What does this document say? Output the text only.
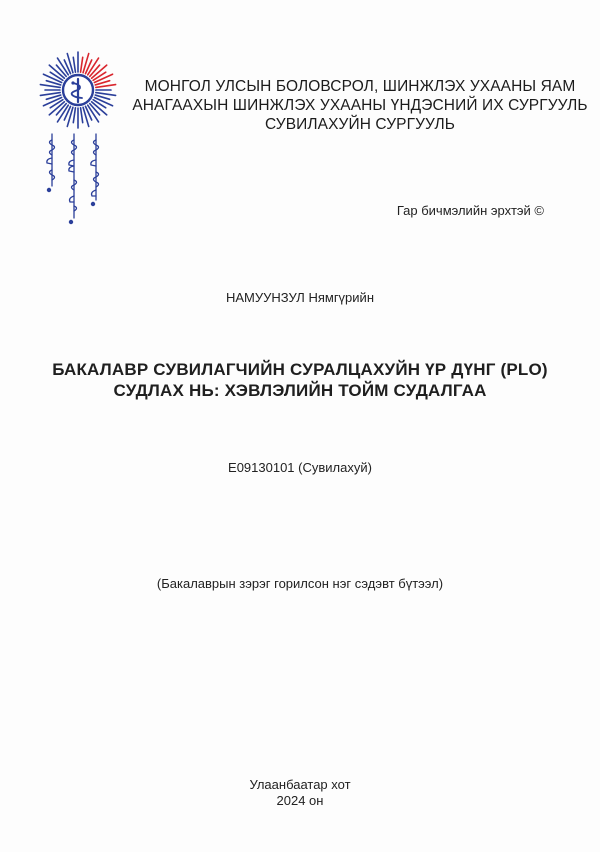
МОНГОЛ УЛСЫН БОЛОВСРОЛ, ШИНЖЛЭХ УХААНЫ ЯАМ
АНАГААХЫН ШИНЖЛЭХ УХААНЫ ҮНДЭСНИЙ ИХ СУРГУУЛЬ
СУВИЛАХУЙН СУРГУУЛЬ
Гар бичмэлийн эрхтэй ©
НАМУУНЗУЛ Нямгүрийн
БАКАЛАВР СУВИЛАГЧИЙН СУРАЛЦАХУЙН ҮР ДҮНГ (PLO)
СУДЛАХ НЬ: ХЭВЛЭЛИЙН ТОЙМ СУДАЛГАА
E09130101 (Сувилахуй)
(Бакалаврын зэрэг горилсон нэг сэдэвт бүтээл)
Улаанбаатар хот
2024 он
